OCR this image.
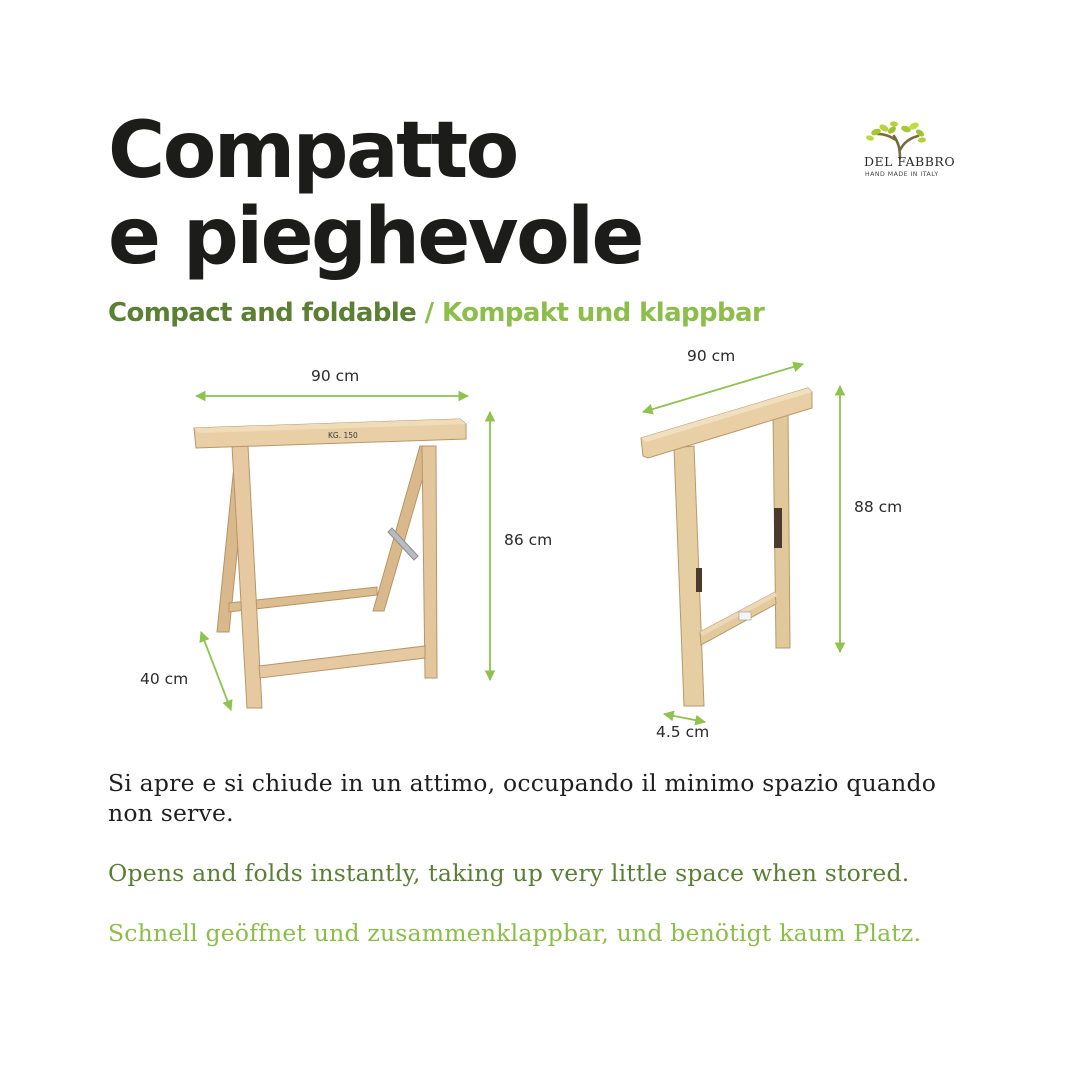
Compatto
e pieghevole

Compact and foldable / Kompakt und klappbar

DEL FABBRO
HAND MADE IN ITALY
KG. 150
90 cm
86 cm
40 cm
90 cm
88 cm
4.5 cm

Si apre e si chiude in un attimo, occupando il minimo spazio quando non serve.

Opens and folds instantly, taking up very little space when stored.

Schnell geöffnet und zusammenklappbar, und benötigt kaum Platz.
